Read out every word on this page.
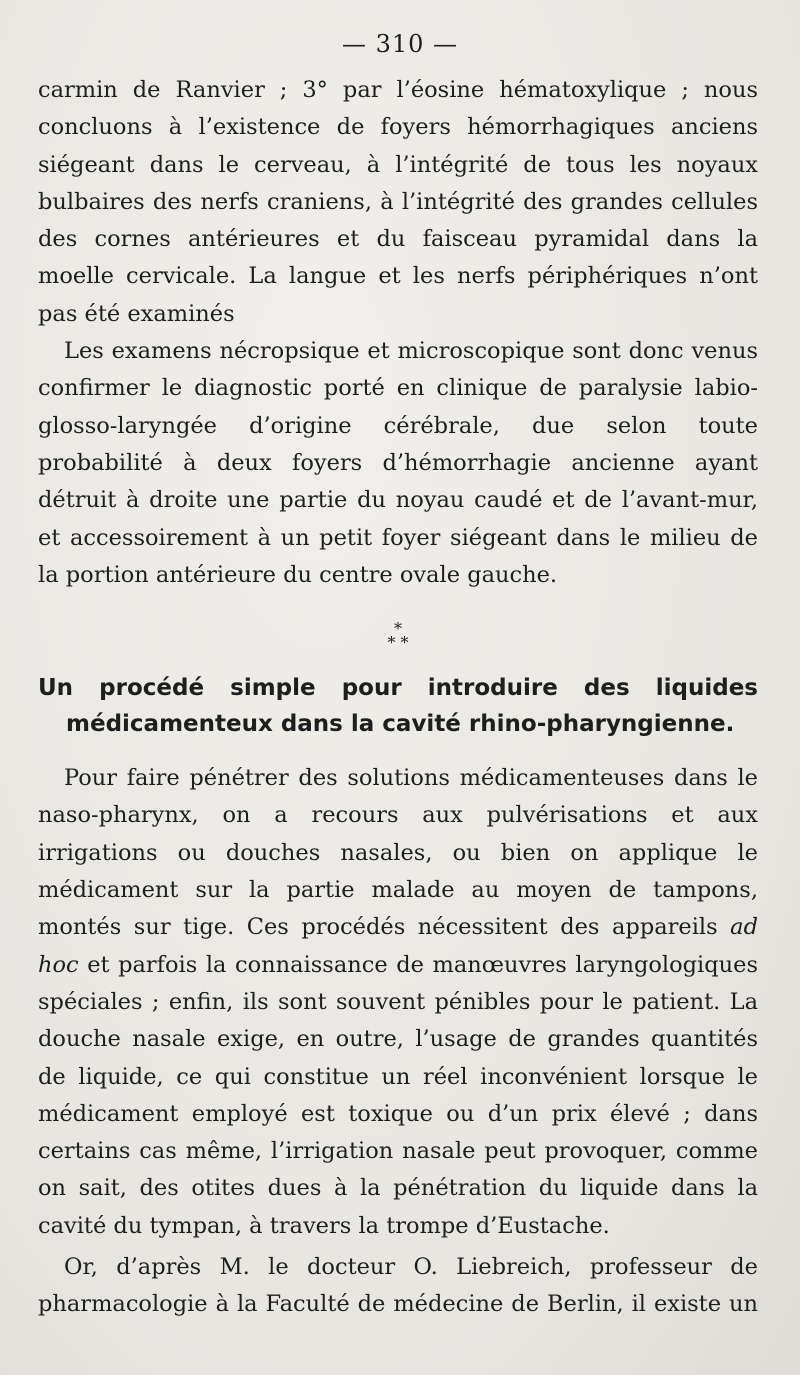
— 310 —

carmin de Ranvier ; 3° par l’éosine hématoxylique ; nous concluons à l’existence de foyers hémorrhagiques anciens siégeant dans le cerveau, à l’intégrité de tous les noyaux bulbaires des nerfs craniens, à l’intégrité des grandes cellules des cornes antérieures et du faisceau pyramidal dans la moelle cervicale. La langue et les nerfs périphériques n’ont pas été examinés

Les examens nécropsique et microscopique sont donc venus confirmer le diagnostic porté en clinique de paralysie labio-glosso-laryngée d’origine cérébrale, due selon toute probabilité à deux foyers d’hémorrhagie ancienne ayant détruit à droite une partie du noyau caudé et de l’avant-mur, et accessoirement à un petit foyer siégeant dans le milieu de la portion antérieure du centre ovale gauche.

*
* *
Un procédé simple pour introduire des liquides médicamenteux dans la cavité rhino-pharyngienne.

Pour faire pénétrer des solutions médicamenteuses dans le naso-pharynx, on a recours aux pulvérisations et aux irrigations ou douches nasales, ou bien on applique le médicament sur la partie malade au moyen de tampons, montés sur tige. Ces procédés nécessitent des appareils ad hoc et parfois la connaissance de manœuvres laryngologiques spéciales ; enfin, ils sont souvent pénibles pour le patient. La douche nasale exige, en outre, l’usage de grandes quantités de liquide, ce qui constitue un réel inconvénient lorsque le médicament employé est toxique ou d’un prix élevé ; dans certains cas même, l’irrigation nasale peut provoquer, comme on sait, des otites dues à la pénétration du liquide dans la cavité du tympan, à travers la trompe d’Eustache.

Or, d’après M. le docteur O. Liebreich, professeur de pharmacologie à la Faculté de médecine de Berlin, il existe un
